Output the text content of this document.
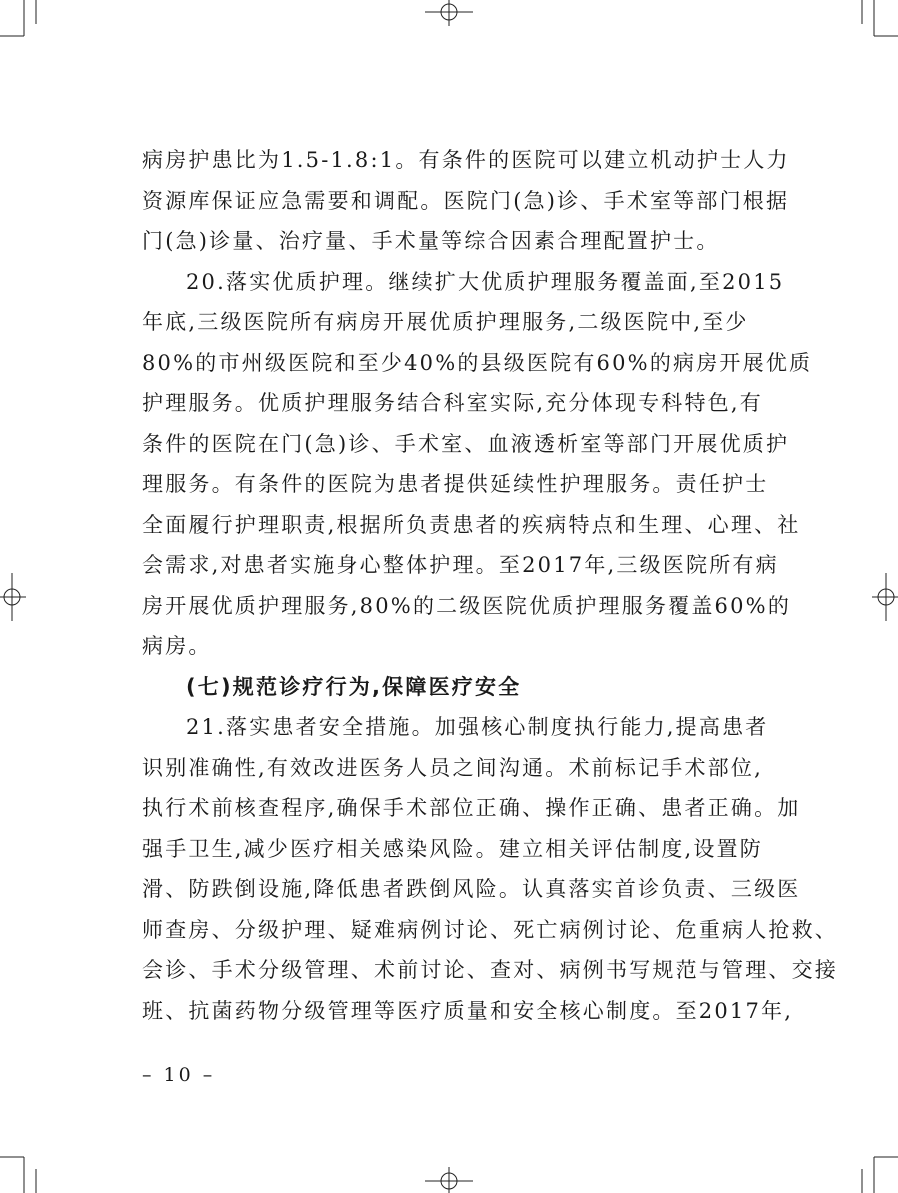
病房护患比为1.5-1.8:1。有条件的医院可以建立机动护士人力
资源库保证应急需要和调配。医院门(急)诊、手术室等部门根据
门(急)诊量、治疗量、手术量等综合因素合理配置护士。
20.落实优质护理。继续扩大优质护理服务覆盖面,至2015
年底,三级医院所有病房开展优质护理服务,二级医院中,至少
80%的市州级医院和至少40%的县级医院有60%的病房开展优质
护理服务。优质护理服务结合科室实际,充分体现专科特色,有
条件的医院在门(急)诊、手术室、血液透析室等部门开展优质护
理服务。有条件的医院为患者提供延续性护理服务。责任护士
全面履行护理职责,根据所负责患者的疾病特点和生理、心理、社
会需求,对患者实施身心整体护理。至2017年,三级医院所有病
房开展优质护理服务,80%的二级医院优质护理服务覆盖60%的
病房。
(七)规范诊疗行为,保障医疗安全
21.落实患者安全措施。加强核心制度执行能力,提高患者
识别准确性,有效改进医务人员之间沟通。术前标记手术部位,
执行术前核查程序,确保手术部位正确、操作正确、患者正确。加
强手卫生,减少医疗相关感染风险。建立相关评估制度,设置防
滑、防跌倒设施,降低患者跌倒风险。认真落实首诊负责、三级医
师查房、分级护理、疑难病例讨论、死亡病例讨论、危重病人抢救、
会诊、手术分级管理、术前讨论、查对、病例书写规范与管理、交接
班、抗菌药物分级管理等医疗质量和安全核心制度。至2017年,
– 10 –
